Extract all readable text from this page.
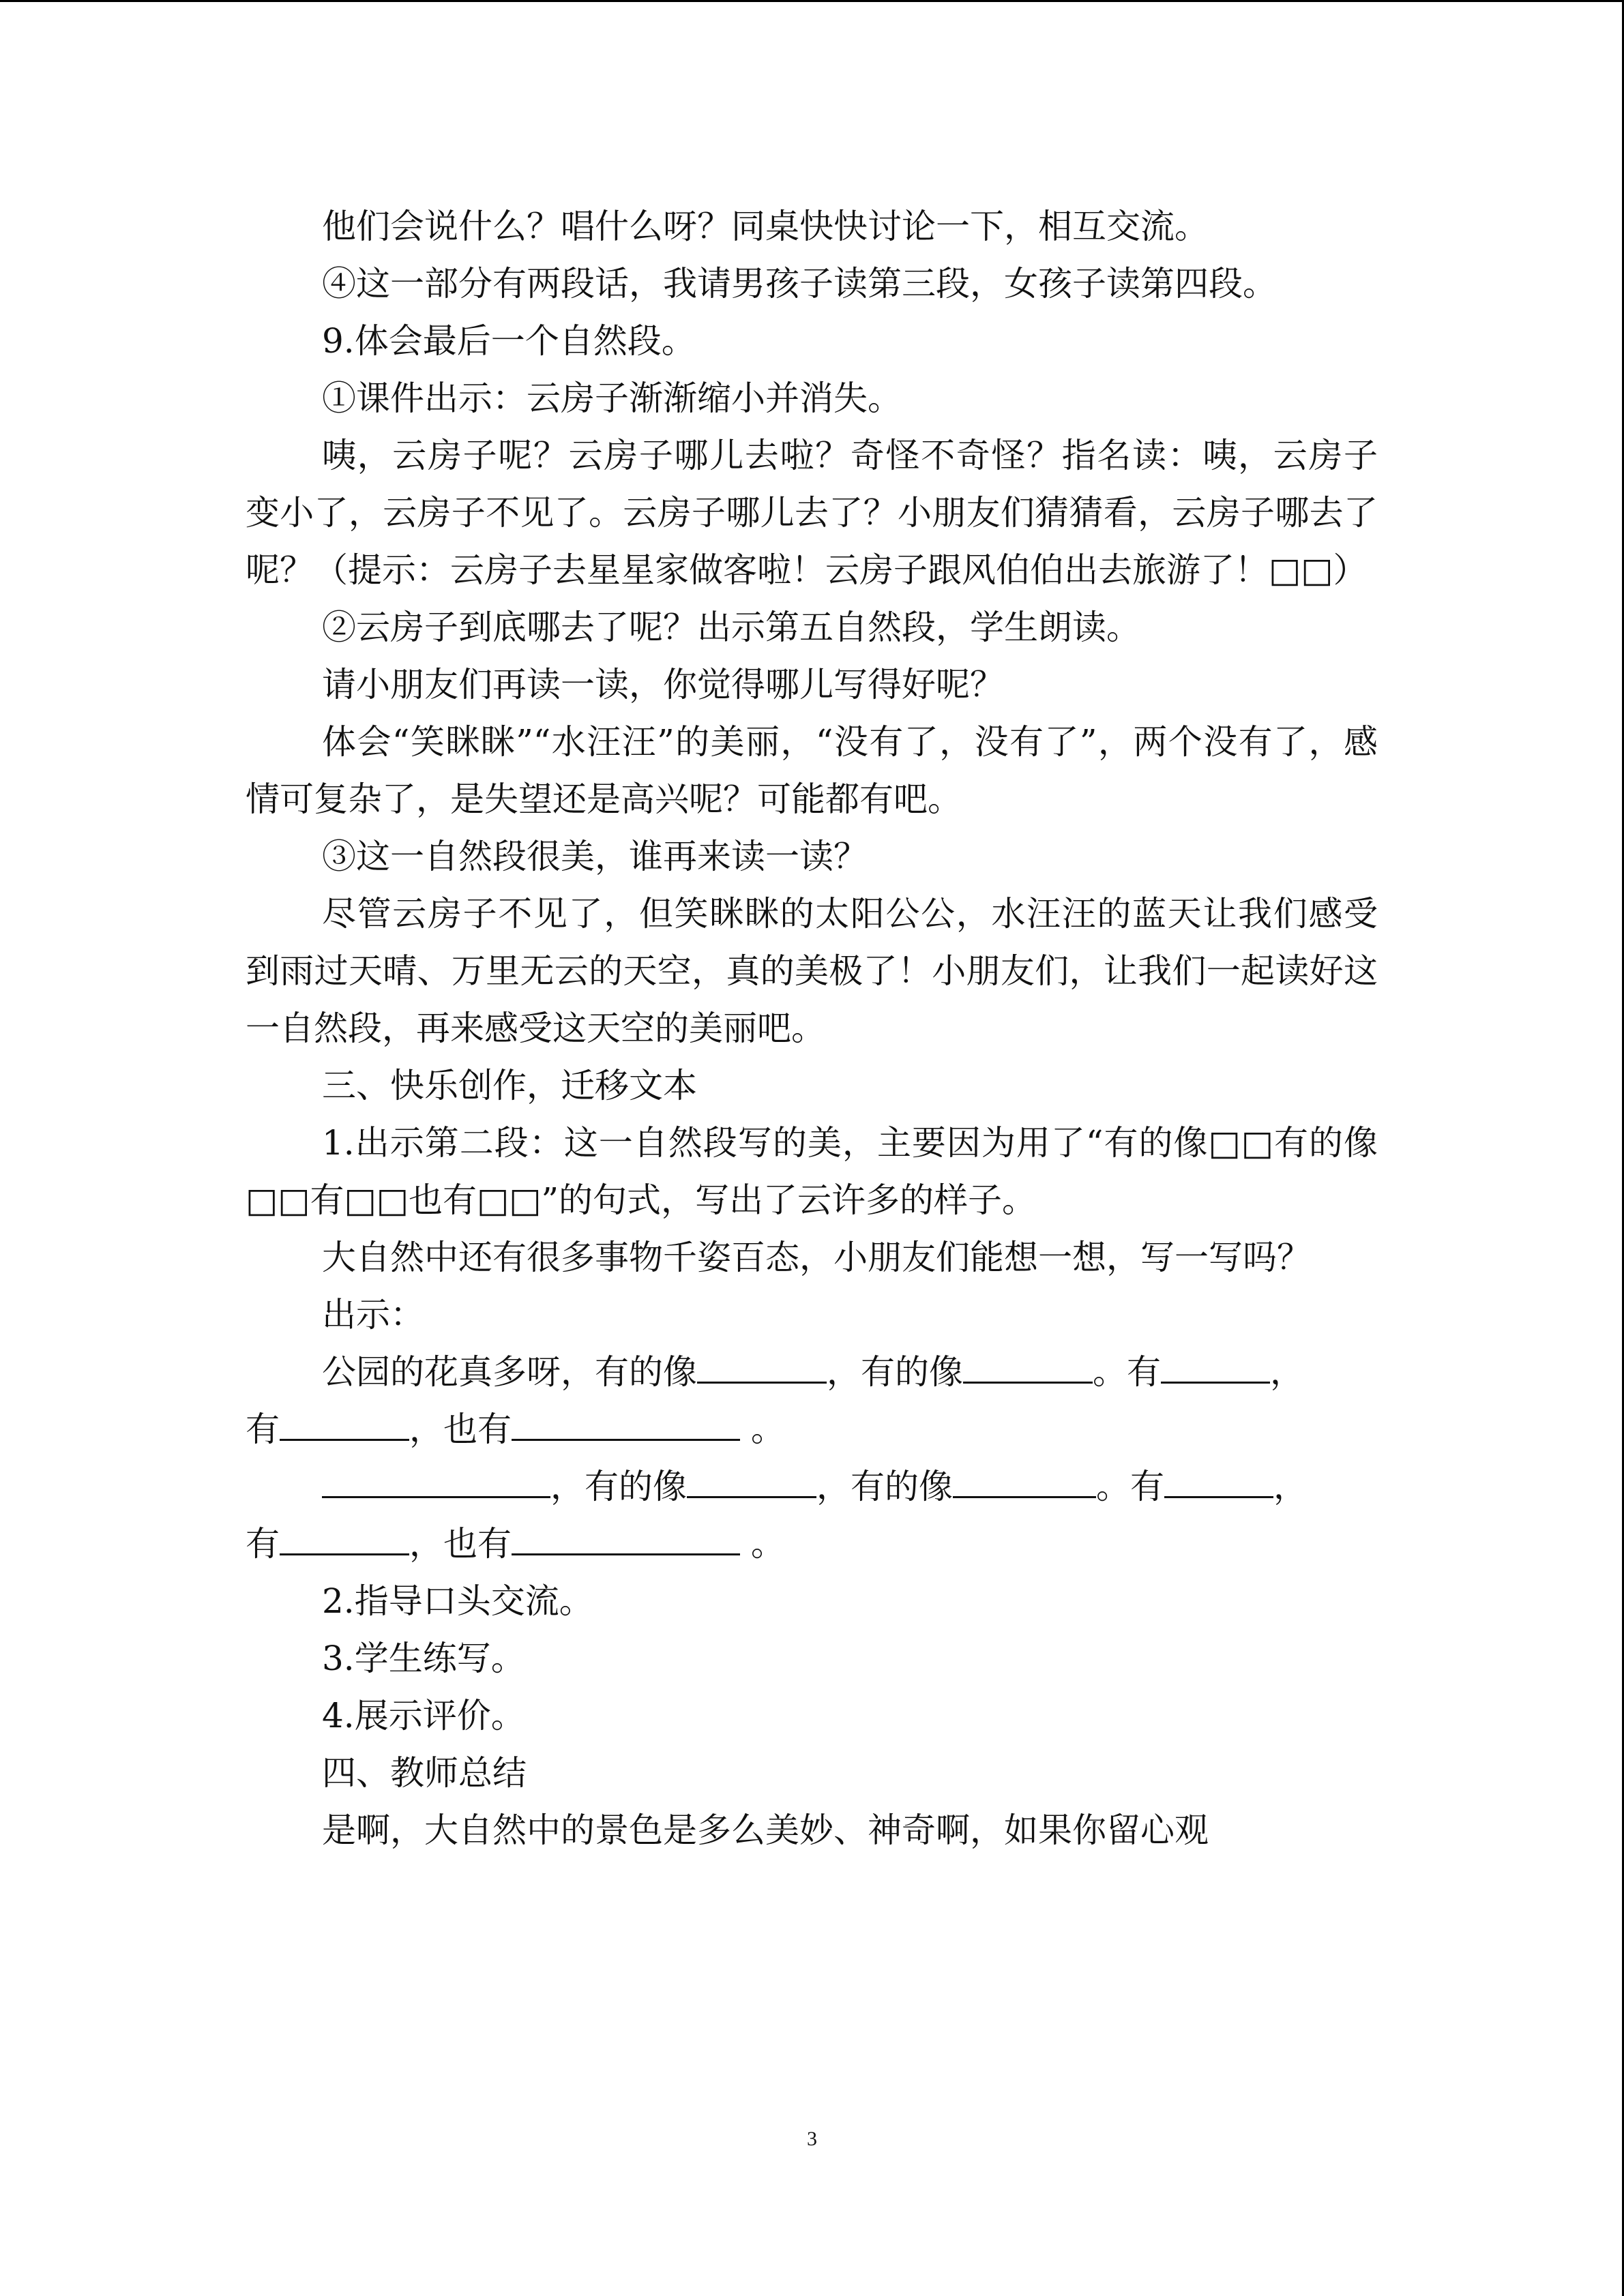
他们会说什么？唱什么呀？同桌快快讨论一下，相互交流。

④这一部分有两段话，我请男孩子读第三段，女孩子读第四段。

9.体会最后一个自然段。

①课件出示：云房子渐渐缩小并消失。

咦，云房子呢？云房子哪儿去啦？奇怪不奇怪？指名读：咦，云房子变小了，云房子不见了。云房子哪儿去了？小朋友们猜猜看，云房子哪去了呢？（提示：云房子去星星家做客啦！云房子跟风伯伯出去旅游了！□□）

②云房子到底哪去了呢？出示第五自然段，学生朗读。

请小朋友们再读一读，你觉得哪儿写得好呢？

体会“笑眯眯”“水汪汪”的美丽，“没有了，没有了”，两个没有了，感情可复杂了，是失望还是高兴呢？可能都有吧。

③这一自然段很美，谁再来读一读？

尽管云房子不见了，但笑眯眯的太阳公公，水汪汪的蓝天让我们感受到雨过天晴、万里无云的天空，真的美极了！小朋友们，让我们一起读好这一自然段，再来感受这天空的美丽吧。

三、快乐创作，迁移文本

1.出示第二段：这一自然段写的美，主要因为用了“有的像□□有的像□□有□□也有□□”的句式，写出了云许多的样子。

大自然中还有很多事物千姿百态，小朋友们能想一想，写一写吗？

出示：

公园的花真多呀，有的像	，有的像	。有	，

有	，也有	。

，有的像	，有的像	。有	，

有	，也有	。

2.指导口头交流。

3.学生练写。

4.展示评价。

四、教师总结

是啊，大自然中的景色是多么美妙、神奇啊，如果你留心观

3
